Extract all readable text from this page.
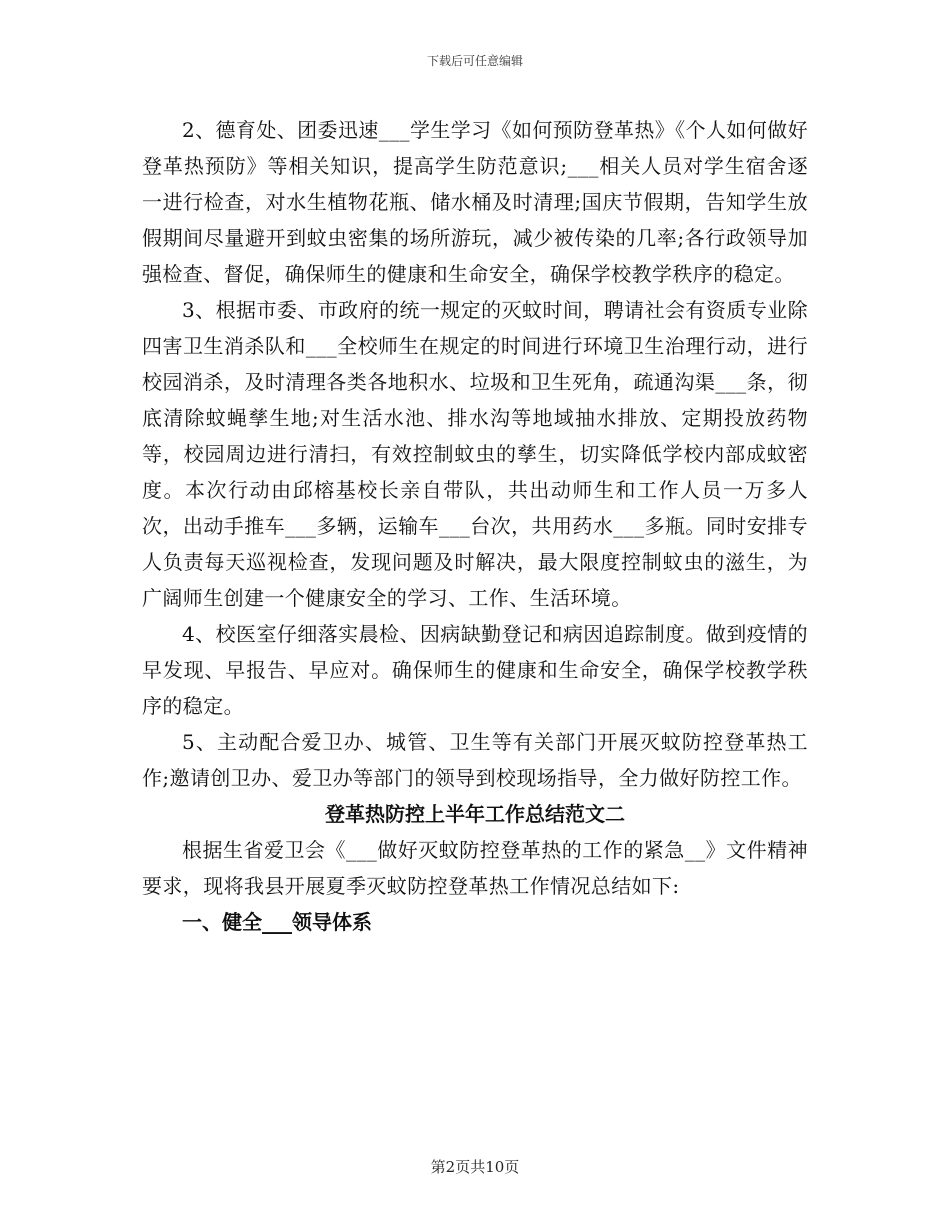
下载后可任意编辑

2、德育处、团委迅速___学生学习《如何预防登革热》《个人如何做好登革热预防》等相关知识，提高学生防范意识;___相关人员对学生宿舍逐一进行检查，对水生植物花瓶、储水桶及时清理;国庆节假期，告知学生放假期间尽量避开到蚊虫密集的场所游玩，减少被传染的几率;各行政领导加强检查、督促，确保师生的健康和生命安全，确保学校教学秩序的稳定。

3、根据市委、市政府的统一规定的灭蚊时间，聘请社会有资质专业除四害卫生消杀队和___全校师生在规定的时间进行环境卫生治理行动，进行校园消杀，及时清理各类各地积水、垃圾和卫生死角，疏通沟渠___条，彻底清除蚊蝇孳生地;对生活水池、排水沟等地域抽水排放、定期投放药物等，校园周边进行清扫，有效控制蚊虫的孳生，切实降低学校内部成蚊密度。本次行动由邱榕基校长亲自带队，共出动师生和工作人员一万多人次，出动手推车___多辆，运输车___台次，共用药水___多瓶。同时安排专人负责每天巡视检查，发现问题及时解决，最大限度控制蚊虫的滋生，为广阔师生创建一个健康安全的学习、工作、生活环境。

4、校医室仔细落实晨检、因病缺勤登记和病因追踪制度。做到疫情的早发现、早报告、早应对。确保师生的健康和生命安全，确保学校教学秩序的稳定。

5、主动配合爱卫办、城管、卫生等有关部门开展灭蚊防控登革热工作;邀请创卫办、爱卫办等部门的领导到校现场指导，全力做好防控工作。

登革热防控上半年工作总结范文二

根据生省爱卫会《___做好灭蚊防控登革热的工作的紧急__》文件精神要求，现将我县开展夏季灭蚊防控登革热工作情况总结如下:

一、健全___领导体系

第2页共10页
